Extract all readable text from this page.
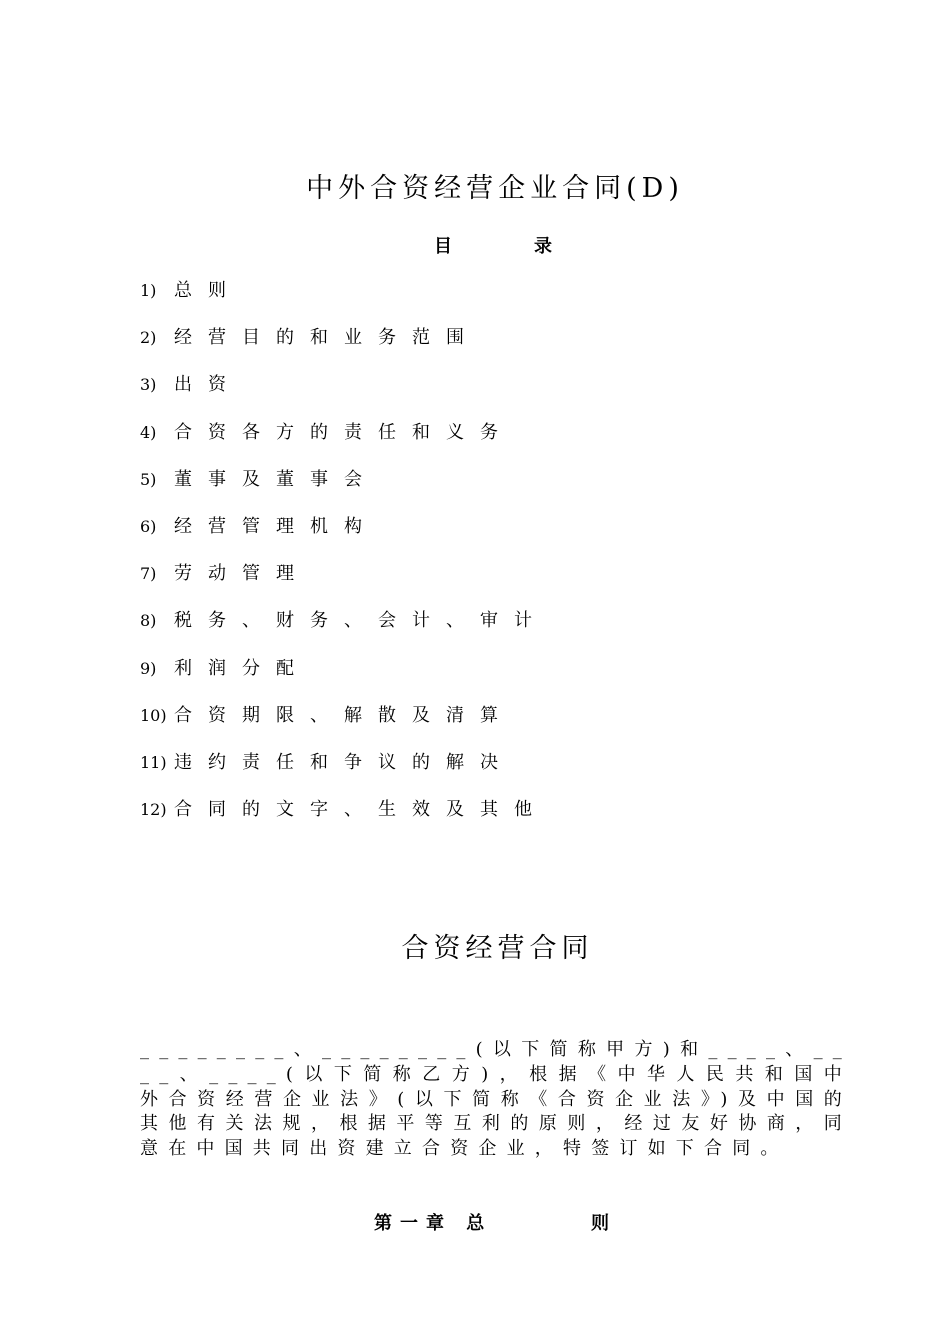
中外合资经营企业合同(D)
目	录
1) 总则
2) 经营目的和业务范围
3) 出资
4) 合资各方的责任和义务
5) 董事及董事会
6) 经营管理机构
7) 劳动管理
8) 税务、财务、会计、审计
9) 利润分配
10) 合资期限、解散及清算
11) 违约责任和争议的解决
12) 合同的文字、生效及其他
合资经营合同
________、________(以下简称甲方)和____、____、____(以下简称乙方)，根据《中华人民共和国中外合资经营企业法》(以下简称《合资企业法》)及中国的其他有关法规，根据平等互利的原则，经过友好协商，同意在中国共同出资建立合资企业，特签订如下合同。
第一章 总	则
